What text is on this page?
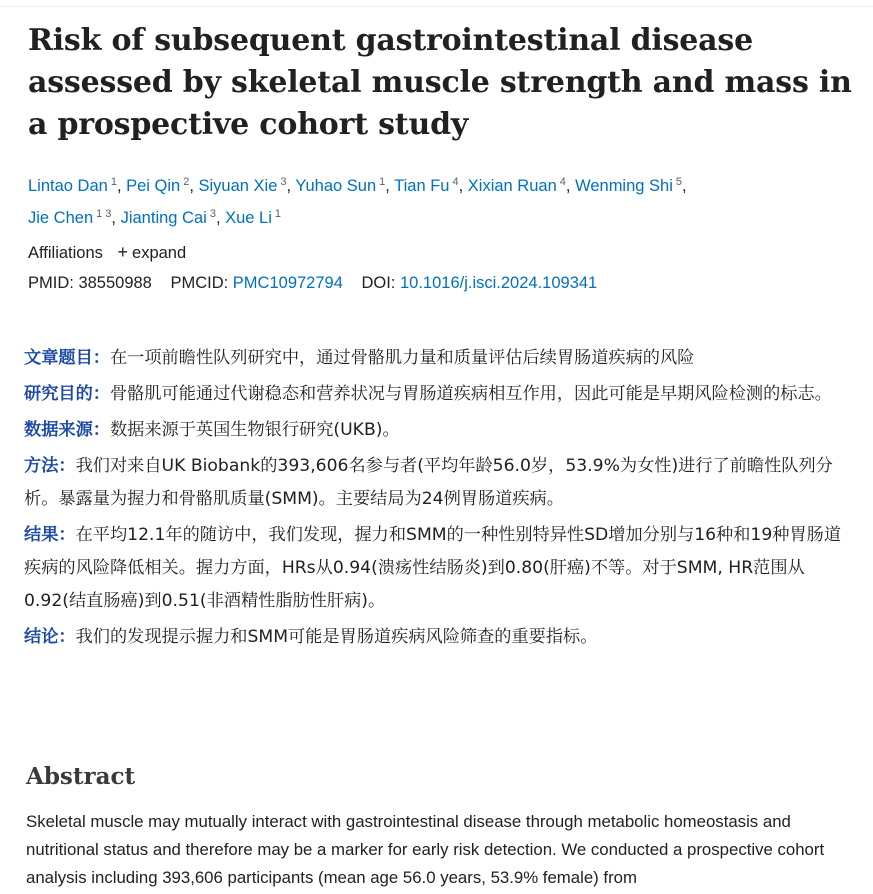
Risk of subsequent gastrointestinal disease assessed by skeletal muscle strength and mass in a prospective cohort study
Lintao Dan $^1$, Pei Qin $^2$, Siyuan Xie $^3$, Yuhao Sun $^1$, Tian Fu $^4$, Xixian Ruan $^4$, Wenming Shi $^5$,
Jie Chen $^{1 3}$, Jianting Cai $^3$, Xue Li $^1$
Affiliations + expand
PMID: 38550988 PMCID: PMC10972794 DOI: 10.1016/j.isci.2024.109341

文章题目：在一项前瞻性队列研究中，通过骨骼肌力量和质量评估后续胃肠道疾病的风险

研究目的：骨骼肌可能通过代谢稳态和营养状况与胃肠道疾病相互作用，因此可能是早期风险检测的标志。

数据来源：数据来源于英国生物银行研究(UKB)。

方法：我们对来自UK Biobank的393,606名参与者(平均年龄56.0岁，53.9%为女性)进行了前瞻性队列分析。暴露量为握力和骨骼肌质量(SMM)。主要结局为24例胃肠道疾病。

结果：在平均12.1年的随访中，我们发现，握力和SMM的一种性别特异性SD增加分别与16种和19种胃肠道疾病的风险降低相关。握力方面，HRs从0.94(溃疡性结肠炎)到0.80(肝癌)不等。对于SMM, HR范围从0.92(结直肠癌)到0.51(非酒精性脂肪性肝病)。

结论：我们的发现提示握力和SMM可能是胃肠道疾病风险筛查的重要指标。

Abstract

Skeletal muscle may mutually interact with gastrointestinal disease through metabolic homeostasis and nutritional status and therefore may be a marker for early risk detection. We conducted a prospective cohort analysis including 393,606 participants (mean age 56.0 years, 53.9% female) from
